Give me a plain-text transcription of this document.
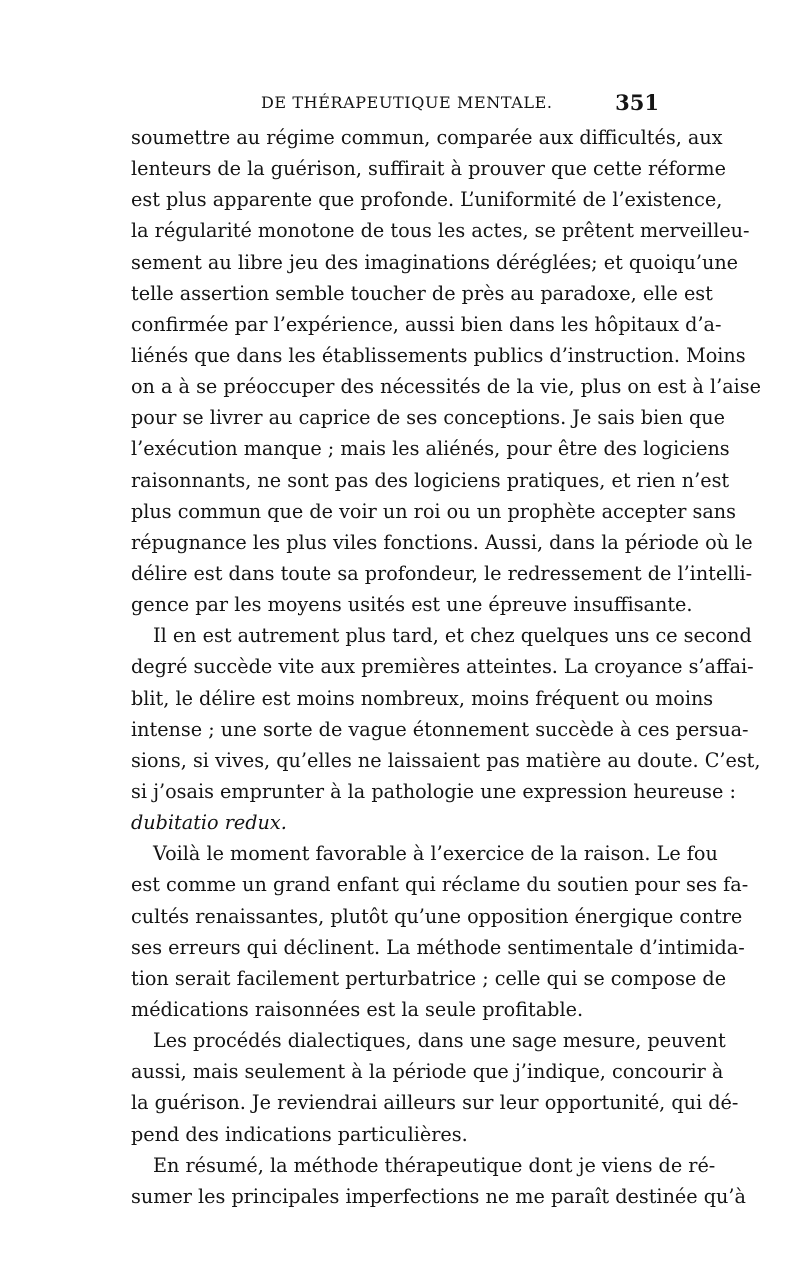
DE THÉRAPEUTIQUE MENTALE.	351
soumettre au régime commun, comparée aux difficultés, aux
lenteurs de la guérison, suffirait à prouver que cette réforme
est plus apparente que profonde. L’uniformité de l’existence,
la régularité monotone de tous les actes, se prêtent merveilleu-
sement au libre jeu des imaginations déréglées; et quoiqu’une
telle assertion semble toucher de près au paradoxe, elle est
confirmée par l’expérience, aussi bien dans les hôpitaux d’a-
liénés que dans les établissements publics d’instruction. Moins
on a à se préoccuper des nécessités de la vie, plus on est à l’aise
pour se livrer au caprice de ses conceptions. Je sais bien que
l’exécution manque ; mais les aliénés, pour être des logiciens
raisonnants, ne sont pas des logiciens pratiques, et rien n’est
plus commun que de voir un roi ou un prophète accepter sans
répugnance les plus viles fonctions. Aussi, dans la période où le
délire est dans toute sa profondeur, le redressement de l’intelli-
gence par les moyens usités est une épreuve insuffisante.
Il en est autrement plus tard, et chez quelques uns ce second
degré succède vite aux premières atteintes. La croyance s’affai-
blit, le délire est moins nombreux, moins fréquent ou moins
intense ; une sorte de vague étonnement succède à ces persua-
sions, si vives, qu’elles ne laissaient pas matière au doute. C’est,
si j’osais emprunter à la pathologie une expression heureuse :
dubitatio redux.
Voilà le moment favorable à l’exercice de la raison. Le fou
est comme un grand enfant qui réclame du soutien pour ses fa-
cultés renaissantes, plutôt qu’une opposition énergique contre
ses erreurs qui déclinent. La méthode sentimentale d’intimida-
tion serait facilement perturbatrice ; celle qui se compose de
médications raisonnées est la seule profitable.
Les procédés dialectiques, dans une sage mesure, peuvent
aussi, mais seulement à la période que j’indique, concourir à
la guérison. Je reviendrai ailleurs sur leur opportunité, qui dé-
pend des indications particulières.
En résumé, la méthode thérapeutique dont je viens de ré-
sumer les principales imperfections ne me paraît destinée qu’à
